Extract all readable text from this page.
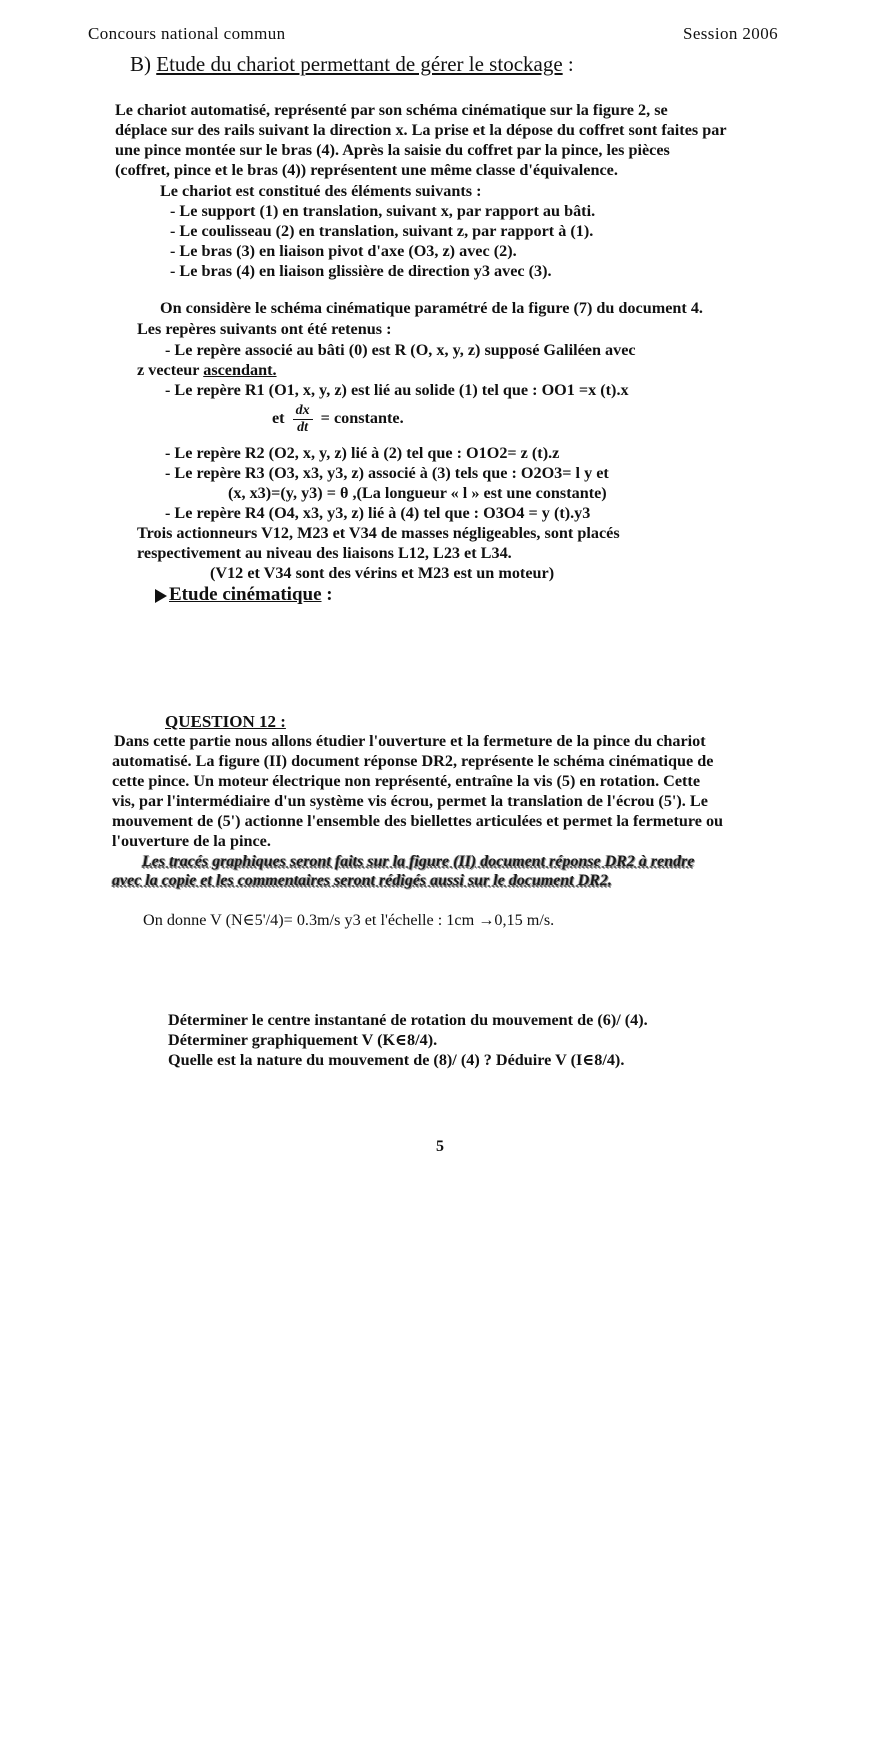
Concours national commun	Session 2006
B) Etude du chariot permettant de gérer le stockage :
Le chariot automatisé, représenté par son schéma cinématique sur la figure 2, se
déplace sur des rails suivant la direction x. La prise et la dépose du coffret sont faites par
une pince montée sur le bras (4). Après la saisie du coffret par la pince, les pièces
(coffret, pince et le bras (4)) représentent une même classe d'équivalence.
Le chariot est constitué des éléments suivants :
- Le support (1) en translation, suivant x, par rapport au bâti.
- Le coulisseau (2) en translation, suivant z, par rapport à (1).
- Le bras (3) en liaison pivot d'axe (O3, z) avec (2).
- Le bras (4) en liaison glissière de direction y3 avec (3).
On considère le schéma cinématique paramétré de la figure (7) du document 4.
Les repères suivants ont été retenus :
- Le repère associé au bâti (0) est R (O, x, y, z) supposé Galiléen avec
z vecteur ascendant.
- Le repère R1 (O1, x, y, z) est lié au solide (1) tel que : OO1 =x (t).x
et $\frac{dx}{dt}$ = constante.
- Le repère R2 (O2, x, y, z) lié à (2) tel que : O1O2= z (t).z
- Le repère R3 (O3, x3, y3, z) associé à (3) tels que : O2O3= l y et
(x, x3)=(y, y3) = θ ,(La longueur « l » est une constante)
- Le repère R4 (O4, x3, y3, z) lié à (4) tel que : O3O4 = y (t).y3
Trois actionneurs V12, M23 et V34 de masses négligeables, sont placés
respectivement au niveau des liaisons L12, L23 et L34.
(V12 et V34 sont des vérins et M23 est un moteur)
Etude cinématique :
QUESTION 12 :
Dans cette partie nous allons étudier l'ouverture et la fermeture de la pince du chariot
automatisé. La figure (II) document réponse DR2, représente le schéma cinématique de
cette pince. Un moteur électrique non représenté, entraîne la vis (5) en rotation. Cette
vis, par l'intermédiaire d'un système vis écrou, permet la translation de l'écrou (5'). Le
mouvement de (5') actionne l'ensemble des biellettes articulées et permet la fermeture ou
l'ouverture de la pince.
Les tracés graphiques seront faits sur la figure (II) document réponse DR2 à rendre
avec la copie et les commentaires seront rédigés aussi sur le document DR2.
On donne V (N∈5'/4)= 0.3m/s y3 et l'échelle : 1cm →0,15 m/s.
Déterminer le centre instantané de rotation du mouvement de (6)/ (4).
Déterminer graphiquement V (K∈8/4).
Quelle est la nature du mouvement de (8)/ (4) ? Déduire V (I∈8/4).
5
